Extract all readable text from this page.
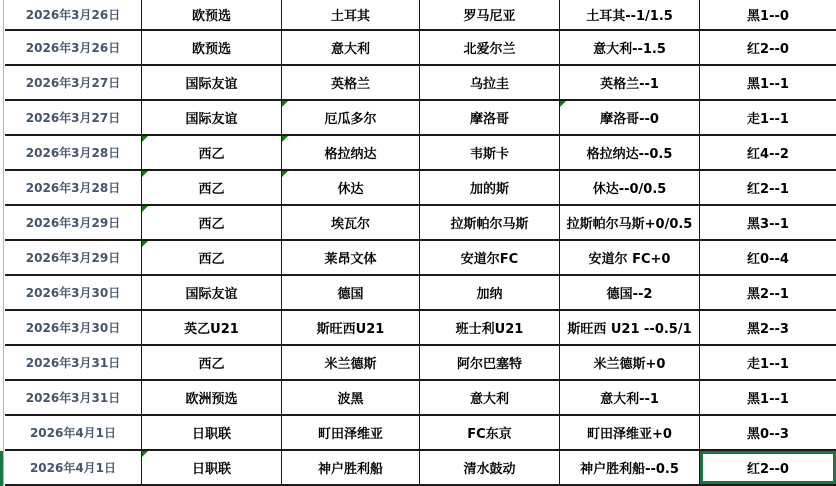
2026年3月26日	欧预选	土耳其	罗马尼亚	土耳其--1/1.5	黑1--0
2026年3月26日	欧预选	意大利	北爱尔兰	意大利--1.5	红2--0
2026年3月27日	国际友谊	英格兰	乌拉圭	英格兰--1	黑1--1
2026年3月27日	国际友谊	厄瓜多尔	摩洛哥	摩洛哥--0	走1--1
2026年3月28日	西乙	格拉纳达	韦斯卡	格拉纳达--0.5	红4--2
2026年3月28日	西乙	休达	加的斯	休达--0/0.5	红2--1
2026年3月29日	西乙	埃瓦尔	拉斯帕尔马斯	拉斯帕尔马斯+0/0.5	黑3--1
2026年3月29日	西乙	莱昂文体	安道尔FC	安道尔 FC+0	红0--4
2026年3月30日	国际友谊	德国	加纳	德国--2	黑2--1
2026年3月30日	英乙U21	斯旺西U21	班士利U21	斯旺西 U21 --0.5/1	黑2--3
2026年3月31日	西乙	米兰德斯	阿尔巴塞特	米兰德斯+0	走1--1
2026年3月31日	欧洲预选	波黑	意大利	意大利--1	黑1--1
2026年4月1日	日职联	町田泽维亚	FC东京	町田泽维亚+0	黑0--3
2026年4月1日	日职联	神户胜利船	清水鼓动	神户胜利船--0.5	红2--0
